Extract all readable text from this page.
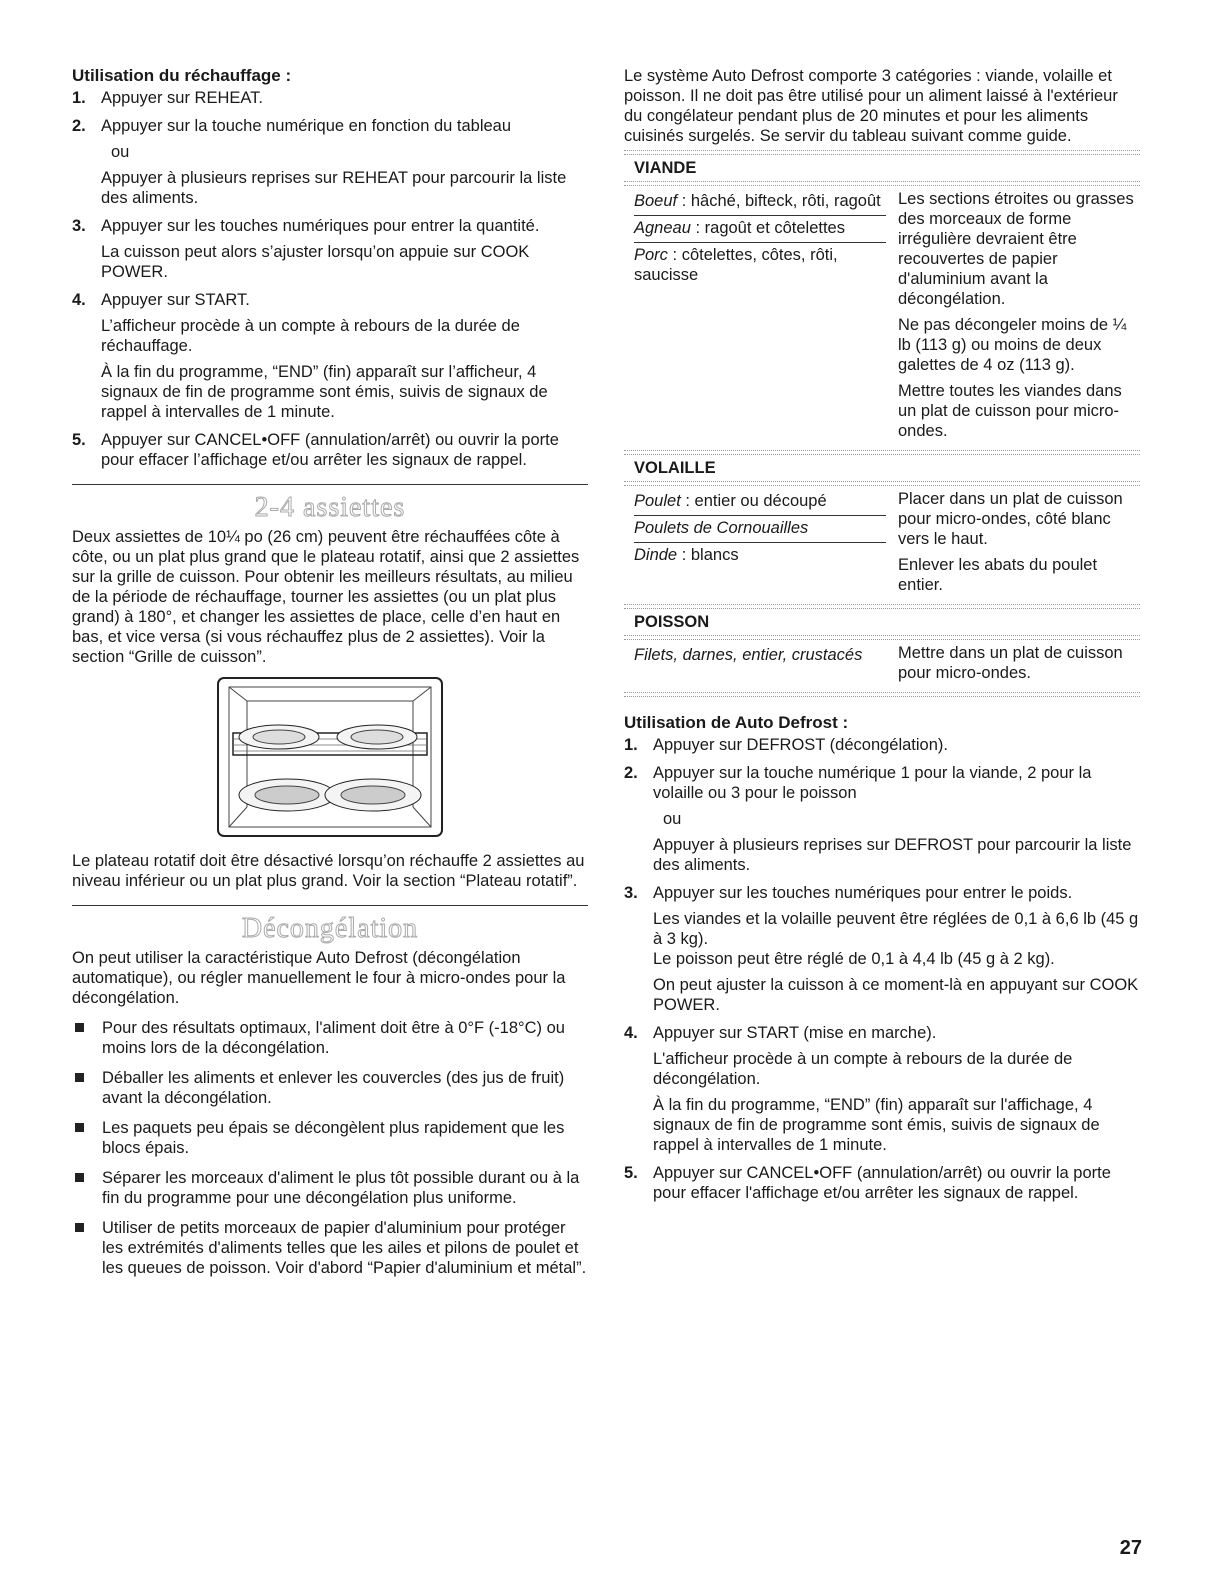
Utilisation du réchauffage :
1. Appuyer sur REHEAT.

2. Appuyer sur la touche numérique en fonction du tableau

ou

Appuyer à plusieurs reprises sur REHEAT pour parcourir la liste des aliments.

3. Appuyer sur les touches numériques pour entrer la quantité.

La cuisson peut alors s’ajuster lorsqu’on appuie sur COOK POWER.

4. Appuyer sur START.

L’afficheur procède à un compte à rebours de la durée de réchauffage.

À la fin du programme, “END” (fin) apparaît sur l’afficheur, 4 signaux de fin de programme sont émis, suivis de signaux de rappel à intervalles de 1 minute.

5. Appuyer sur CANCEL•OFF (annulation/arrêt) ou ouvrir la porte pour effacer l’affichage et/ou arrêter les signaux de rappel.

2-4 assiettes

Deux assiettes de 10¼ po (26 cm) peuvent être réchauffées côte à côte, ou un plat plus grand que le plateau rotatif, ainsi que 2 assiettes sur la grille de cuisson. Pour obtenir les meilleurs résultats, au milieu de la période de réchauffage, tourner les assiettes (ou un plat plus grand) à 180°, et changer les assiettes de place, celle d’en haut en bas, et vice versa (si vous réchauffez plus de 2 assiettes). Voir la section “Grille de cuisson”.

Le plateau rotatif doit être désactivé lorsqu’on réchauffe 2 assiettes au niveau inférieur ou un plat plus grand. Voir la section “Plateau rotatif”.

Décongélation

On peut utiliser la caractéristique Auto Defrost (décongélation automatique), ou régler manuellement le four à micro-ondes pour la décongélation.

Pour des résultats optimaux, l'aliment doit être à 0°F (-18°C) ou moins lors de la décongélation.
Déballer les aliments et enlever les couvercles (des jus de fruit) avant la décongélation.
Les paquets peu épais se décongèlent plus rapidement que les blocs épais.
Séparer les morceaux d'aliment le plus tôt possible durant ou à la fin du programme pour une décongélation plus uniforme.
Utiliser de petits morceaux de papier d'aluminium pour protéger les extrémités d'aliments telles que les ailes et pilons de poulet et les queues de poisson. Voir d'abord “Papier d'aluminium et métal”.

Le système Auto Defrost comporte 3 catégories : viande, volaille et poisson. Il ne doit pas être utilisé pour un aliment laissé à l'extérieur du congélateur pendant plus de 20 minutes et pour les aliments cuisinés surgelés. Se servir du tableau suivant comme guide.

VIANDE
Boeuf : hâché, bifteck, rôti, ragoût
Agneau : ragoût et côtelettes
Porc : côtelettes, côtes, rôti, saucisse

Les sections étroites ou grasses des morceaux de forme irrégulière devraient être recouvertes de papier d'aluminium avant la décongélation.

Ne pas décongeler moins de ¼ lb (113 g) ou moins de deux galettes de 4 oz (113 g).

Mettre toutes les viandes dans un plat de cuisson pour micro-ondes.

VOLAILLE
Poulet : entier ou découpé
Poulets de Cornouailles
Dinde : blancs

Placer dans un plat de cuisson pour micro-ondes, côté blanc vers le haut.

Enlever les abats du poulet entier.

POISSON
Filets, darnes, entier, crustacés	Mettre dans un plat de cuisson pour micro-ondes.

Utilisation de Auto Defrost :
1. Appuyer sur DEFROST (décongélation).

2. Appuyer sur la touche numérique 1 pour la viande, 2 pour la volaille ou 3 pour le poisson

ou

Appuyer à plusieurs reprises sur DEFROST pour parcourir la liste des aliments.

3. Appuyer sur les touches numériques pour entrer le poids.

Les viandes et la volaille peuvent être réglées de 0,1 à 6,6 lb (45 g à 3 kg).

Le poisson peut être réglé de 0,1 à 4,4 lb (45 g à 2 kg).

On peut ajuster la cuisson à ce moment-là en appuyant sur COOK POWER.

4. Appuyer sur START (mise en marche).

L'afficheur procède à un compte à rebours de la durée de décongélation.

À la fin du programme, “END” (fin) apparaît sur l'affichage, 4 signaux de fin de programme sont émis, suivis de signaux de rappel à intervalles de 1 minute.

5. Appuyer sur CANCEL•OFF (annulation/arrêt) ou ouvrir la porte pour effacer l'affichage et/ou arrêter les signaux de rappel.

27
